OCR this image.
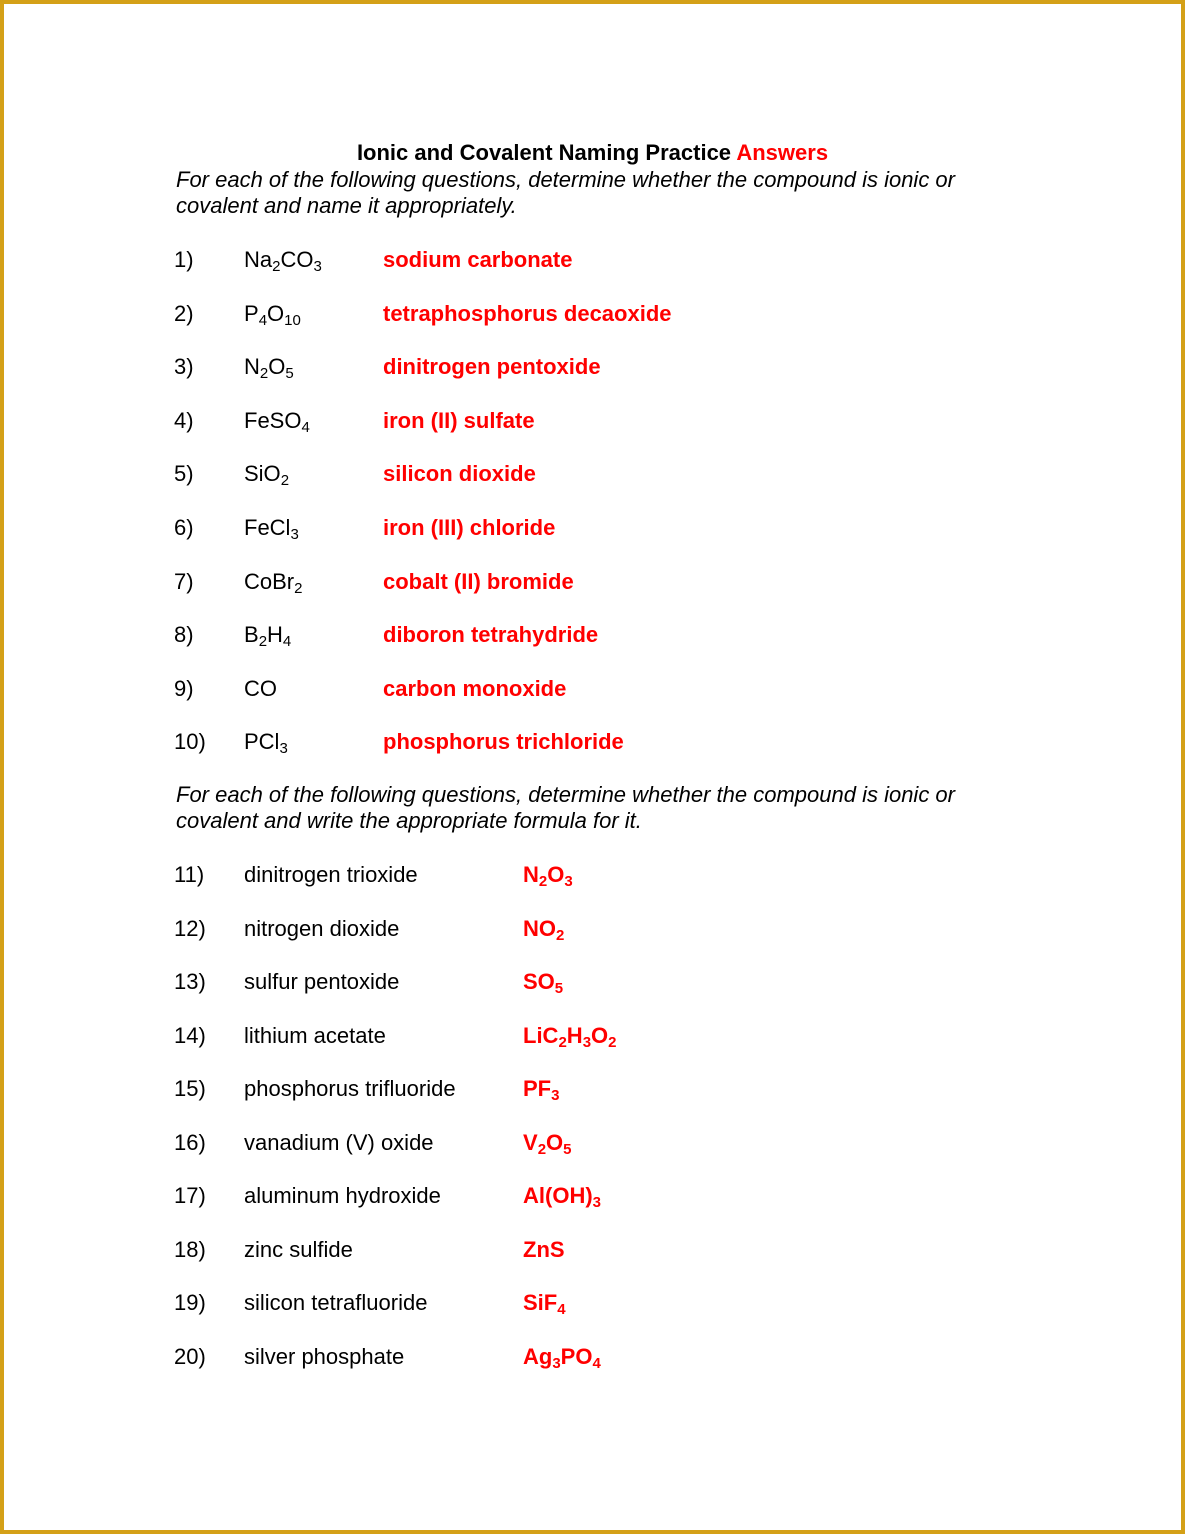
Ionic and Covalent Naming Practice Answers
For each of the following questions, determine whether the compound is ionic or covalent and name it appropriately.
1) $Na_2CO_3$	sodium carbonate
2) $P_4O_{10}$	tetraphosphorus decaoxide
3) $N_2O_5$	dinitrogen pentoxide
4) FeSO$_4$	iron (II) sulfate
5) SiO$_2$	silicon dioxide
6) FeCl$_3$	iron (III) chloride
7) CoBr$_2$	cobalt (II) bromide
8) $B_2H_4$	diboron tetrahydride
9) CO	carbon monoxide
10) PCl$_3$	phosphorus trichloride
For each of the following questions, determine whether the compound is ionic or covalent and write the appropriate formula for it.
11) dinitrogen trioxide	$N_2O_3$
12) nitrogen dioxide	$NO_2$
13) sulfur pentoxide	$SO_5$
14) lithium acetate	$LiC_2H_3O_2$
15) phosphorus trifluoride	$PF_3$
16) vanadium (V) oxide	$V_2O_5$
17) aluminum hydroxide	$Al(OH)_3$
18) zinc sulfide	ZnS
19) silicon tetrafluoride	SiF$_4$
20) silver phosphate	$Ag_3PO_4$
